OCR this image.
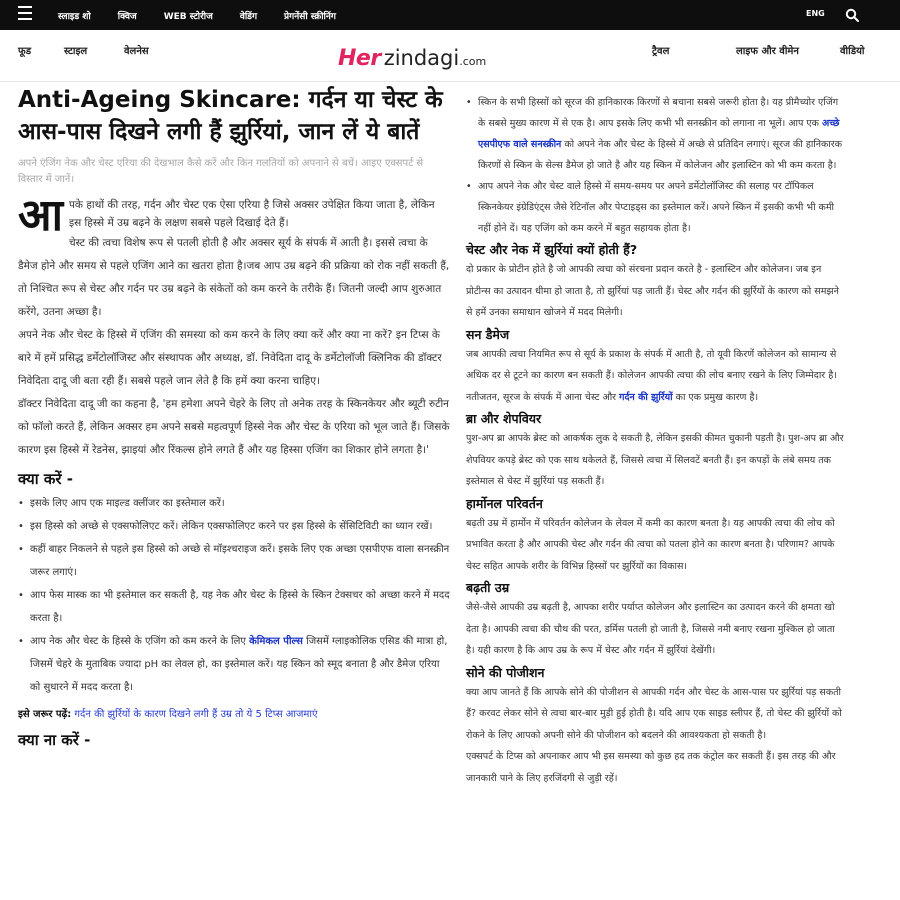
स्लाइड शो	क्विज	WEB स्टोरीज	वेडिंग	प्रेगनेंसी स्क्रीनिंग	ENG
फूड	स्टाइल	वेलनेस	Her zindagi.com
ट्रैवल	लाइफ और वीमेन	वीडियो
Anti-Ageing Skincare: गर्दन या चेस्ट के आस-पास दिखने लगी हैं झुर्रियां, जान लें ये बातें

अपने एंजिंग नेक और चेस्ट एरिया की देखभाल कैसे करें और किन गलतियों को अपनाने से बचें। आइए एक्सपर्ट से विस्तार में जानें।

आ पके हाथों की तरह, गर्दन और चेस्ट एक ऐसा एरिया है जिसे अक्सर उपेक्षित किया जाता है, लेकिन इस हिस्से में उम्र बढ़ने के लक्षण सबसे पहले दिखाई देते हैं।

चेस्ट की त्वचा विशेष रूप से पतली होती है और अक्सर सूर्य के संपर्क में आती है। इससे त्वचा के डैमेज होने और समय से पहले एजिंग आने का खतरा होता है।जब आप उम्र बढ़ने की प्रक्रिया को रोक नहीं सकती हैं, तो निश्चित रूप से चेस्ट और गर्दन पर उम्र बढ़ने के संकेतों को कम करने के तरीके हैं। जितनी जल्दी आप शुरुआत करेंगे, उतना अच्छा है।

अपने नेक और चेस्ट के हिस्से में एजिंग की समस्या को कम करने के लिए क्या करें और क्या ना करें? इन टिप्स के बारे में हमें प्रसिद्ध डर्मेटोलॉजिस्ट और संस्थापक और अध्यक्ष, डॉ. निवेदिता दादू के डर्मेटोलॉजी क्लिनिक की डॉक्टर निवेदिता दादू जी बता रही हैं। सबसे पहले जान लेते है कि हमें क्या करना चाहिए।

डॉक्टर निवेदिता दादू जी का कहना है, 'हम हमेशा अपने चेहरे के लिए तो अनेक तरह के स्किनकेयर और ब्यूटी रुटीन को फॉलो करते हैं, लेकिन अक्सर हम अपने सबसे महत्वपूर्ण हिस्से नेक और चेस्ट के एरिया को भूल जाते हैं। जिसके कारण इस हिस्से में रेडनेस, झाइयां और रिंकल्स होने लगते हैं और यह हिस्सा एजिंग का शिकार होने लगता है।'

क्या करें -
• इसके लिए आप एक माइल्ड क्लींजर का इस्तेमाल करें।
• इस हिस्से को अच्छे से एक्सफोलिएट करें। लेकिन एक्सफोलिएट करने पर इस हिस्से के सेंसिटिविटी का ध्यान रखें।
• कहीं बाहर निकलने से पहले इस हिस्से को अच्छे से मॉइश्चराइज करें। इसके लिए एक अच्छा एसपीएफ वाला सनस्क्रीन जरूर लगाएं।
• आप फेस मास्क का भी इस्तेमाल कर सकती है, यह नेक और चेस्ट के हिस्से के स्किन टेक्सचर को अच्छा करने में मदद करता है।
• आप नेक और चेस्ट के हिस्से के एजिंग को कम करने के लिए केमिकल पील्स जिसमें ग्लाइकोलिक एसिड की मात्रा हो, जिसमें चेहरे के मुताबिक ज्यादा pH का लेवल हो, का इस्तेमाल करें। यह स्किन को स्मूद बनाता है और डैमेज एरिया को सुधारने में मदद करता है।

इसे जरूर पढ़ें: गर्दन की झुर्रियों के कारण दिखने लगी हैं उम्र तो ये 5 टिप्स आजमाएं

क्या ना करें -
• स्किन के सभी हिस्सों को सूरज की हानिकारक किरणों से बचाना सबसे जरूरी होता है। यह प्रीमैच्योर एजिंग के सबसे मुख्य कारण में से एक है। आप इसके लिए कभी भी सनस्क्रीन को लगाना ना भूलें। आप एक अच्छे एसपीएफ वाले सनस्क्रीन को अपने नेक और चेस्ट के हिस्से में अच्छे से प्रतिदिन लगाएं। सूरज की हानिकारक किरणों से स्किन के सेल्स डैमेज हो जाते है और यह स्किन में कोलेजन और इलास्टिन को भी कम करता है।
• आप अपने नेक और चेस्ट वाले हिस्से में समय-समय पर अपने डर्मेटोलॉजिस्ट की सलाह पर टॉपिकल स्किनकेयर इंग्रेडिएंट्स जैसे रेटिनॉल और पेप्टाइड्स का इस्तेमाल करें। अपने स्किन में इसकी कभी भी कमी नहीं होने दें। यह एजिंग को कम करने में बहुत सहायक होता है।
चेस्ट और नेक में झुर्रियां क्यों होती हैं?

दो प्रकार के प्रोटीन होते है जो आपकी त्वचा को संरचना प्रदान करते है - इलास्टिन और कोलेजन। जब इन प्रोटीन्स का उत्पादन धीमा हो जाता है, तो झुर्रियां पड़ जाती हैं। चेस्ट और गर्दन की झुर्रियों के कारण को समझने से हमें उनका समाधान खोजने में मदद मिलेगी।

सन डैमेज

जब आपकी त्वचा नियमित रूप से सूर्य के प्रकाश के संपर्क में आती है, तो यूवी किरणें कोलेजन को सामान्य से अधिक दर से टूटने का कारण बन सकती हैं। कोलेजन आपकी त्वचा की लोच बनाए रखने के लिए जिम्मेदार है। नतीजतन, सूरज के संपर्क में आना चेस्ट और गर्दन की झुर्रियों का एक प्रमुख कारण है।

ब्रा और शेपवियर

पुश-अप ब्रा आपके ब्रेस्ट को आकर्षक लुक दे सकती है, लेकिन इसकी कीमत चुकानी पड़ती है। पुश-अप ब्रा और शेपवियर कपड़े ब्रेस्ट को एक साथ धकेलते हैं, जिससे त्वचा में सिलवटें बनती हैं। इन कपड़ों के लंबे समय तक इस्तेमाल से चेस्ट में झुर्रियां पड़ सकती हैं।

हार्मोनल परिवर्तन

बढ़ती उम्र में हार्मोन में परिवर्तन कोलेजन के लेवल में कमी का कारण बनता है। यह आपकी त्वचा की लोच को प्रभावित करता है और आपकी चेस्ट और गर्दन की त्वचा को पतला होने का कारण बनता है। परिणाम? आपके चेस्ट सहित आपके शरीर के विभिन्न हिस्सों पर झुर्रियों का विकास।

बढ़ती उम्र

जैसे-जैसे आपकी उम्र बढ़ती है, आपका शरीर पर्याप्त कोलेजन और इलास्टिन का उत्पादन करने की क्षमता खो देता है। आपकी त्वचा की चौथ की परत, डर्मिस पतली हो जाती है, जिससे नमी बनाए रखना मुश्किल हो जाता है। यही कारण है कि आप उम्र के रूप में चेस्ट और गर्दन में झुर्रियां देखेंगी।

सोने की पोजीशन

क्या आप जानते हैं कि आपके सोने की पोजीशन से आपकी गर्दन और चेस्ट के आस-पास पर झुर्रियां पड़ सकती हैं? करवट लेकर सोने से त्वचा बार-बार मुड़ी हुई होती है। यदि आप एक साइड स्लीपर हैं, तो चेस्ट की झुर्रियों को रोकने के लिए आपको अपनी सोने की पोजीशन को बदलने की आवश्यकता हो सकती है।

एक्सपर्ट के टिप्स को अपनाकर आप भी इस समस्या को कुछ हद तक कंट्रोल कर सकती हैं। इस तरह की और जानकारी पाने के लिए हरजिंदगी से जुड़ी रहें।
